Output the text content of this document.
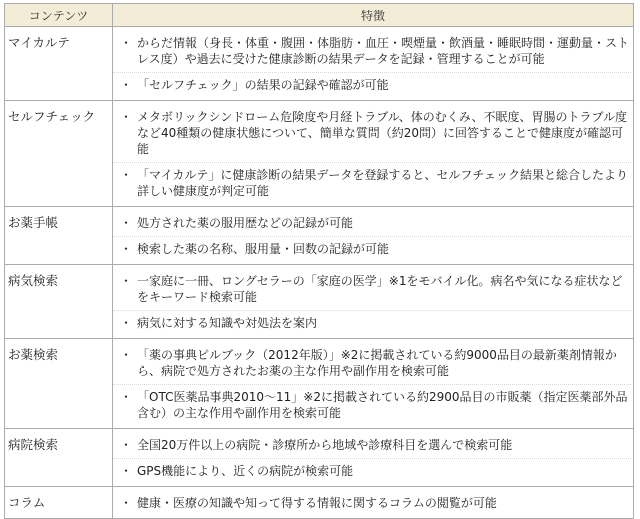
コンテンツ	特徴
マイカルテ	・ からだ情報（身長・体重・腹囲・体脂肪・血圧・喫煙量・飲酒量・睡眠時間・運動量・ストレス度）や過去に受けた健康診断の結果データを記録・管理することが可能
・ 「セルフチェック」の結果の記録や確認が可能

セルフチェック	・ メタボリックシンドローム危険度や月経トラブル、体のむくみ、不眠度、胃腸のトラブル度など40種類の健康状態について、簡単な質問（約20問）に回答することで健康度が確認可能
・ 「マイカルテ」に健康診断の結果データを登録すると、セルフチェック結果と総合したより詳しい健康度が判定可能

お薬手帳	・ 処方された薬の服用歴などの記録が可能
・ 検索した薬の名称、服用量・回数の記録が可能

病気検索	・ 一家庭に一冊、ロングセラーの「家庭の医学」※1をモバイル化。病名や気になる症状などをキーワード検索可能
・ 病気に対する知識や対処法を案内

お薬検索	・ 「薬の事典ピルブック（2012年版）」※2に掲載されている約9000品目の最新薬剤情報から、病院で処方されたお薬の主な作用や副作用を検索可能
・ 「OTC医薬品事典2010～11」※2に掲載されている約2900品目の市販薬（指定医薬部外品含む）の主な作用や副作用を検索可能

病院検索	・ 全国20万件以上の病院・診療所から地域や診療科目を選んで検索可能
・ GPS機能により、近くの病院が検索可能

コラム	・ 健康・医療の知識や知って得する情報に関するコラムの閲覧が可能
